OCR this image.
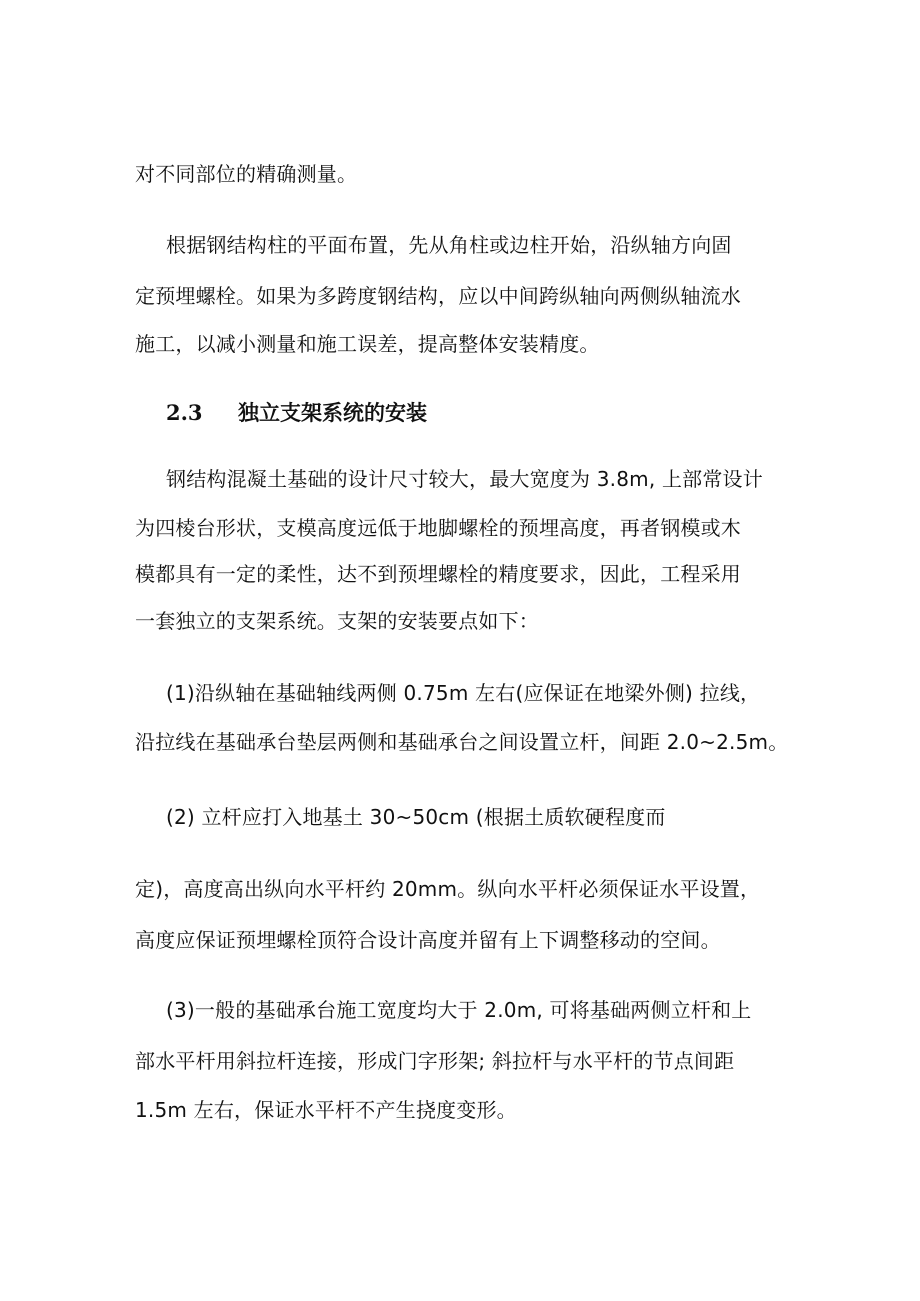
对不同部位的精确测量。
根据钢结构柱的平面布置，先从角柱或边柱开始，沿纵轴方向固
定预埋螺栓。如果为多跨度钢结构，应以中间跨纵轴向两侧纵轴流水
施工，以减小测量和施工误差，提高整体安装精度。
2.3 独立支架系统的安装
钢结构混凝土基础的设计尺寸较大，最大宽度为 3.8m, 上部常设计
为四棱台形状，支模高度远低于地脚螺栓的预埋高度，再者钢模或木
模都具有一定的柔性，达不到预埋螺栓的精度要求，因此，工程采用
一套独立的支架系统。支架的安装要点如下：
(1)沿纵轴在基础轴线两侧 0.75m 左右(应保证在地梁外侧) 拉线，
沿拉线在基础承台垫层两侧和基础承台之间设置立杆，间距 2.0~2.5m。
(2) 立杆应打入地基土 30~50cm (根据土质软硬程度而
定)，高度高出纵向水平杆约 20mm。纵向水平杆必须保证水平设置，
高度应保证预埋螺栓顶符合设计高度并留有上下调整移动的空间。
(3)一般的基础承台施工宽度均大于 2.0m, 可将基础两侧立杆和上
部水平杆用斜拉杆连接，形成门字形架; 斜拉杆与水平杆的节点间距
1.5m 左右，保证水平杆不产生挠度变形。
